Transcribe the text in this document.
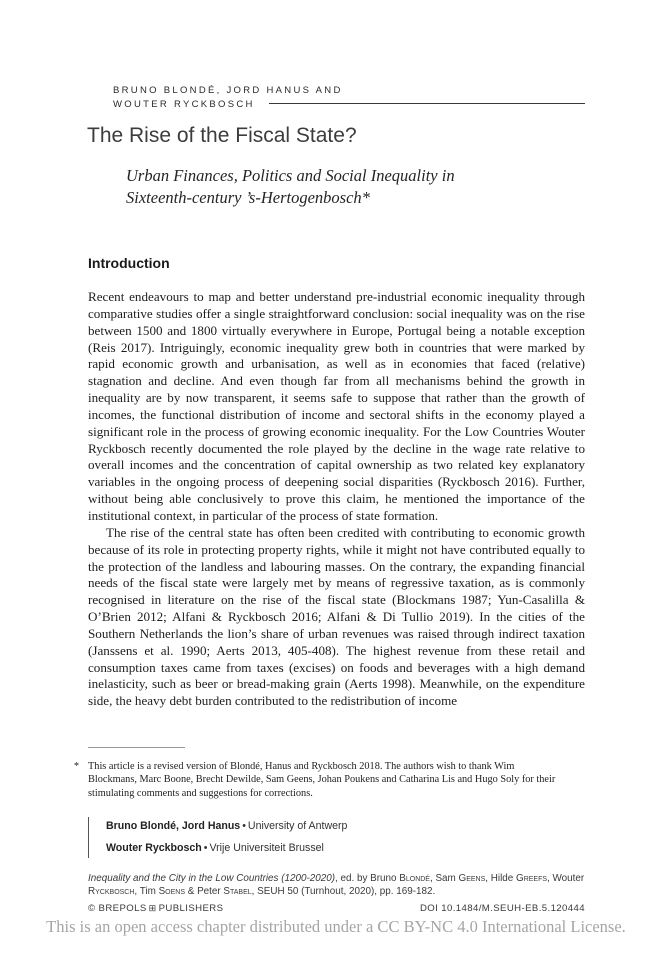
BRUNO BLONDÉ, JORD HANUS AND
WOUTER RYCKBOSCH
The Rise of the Fiscal State?
Urban Finances, Politics and Social Inequality in
Sixteenth-century ’s-Hertogenbosch*
Introduction

Recent endeavours to map and better understand pre-industrial economic inequality through comparative studies offer a single straightforward conclusion: social inequality was on the rise between 1500 and 1800 virtually everywhere in Europe, Portugal being a notable exception (Reis 2017). Intriguingly, economic inequality grew both in countries that were marked by rapid economic growth and urbanisation, as well as in economies that faced (relative) stagnation and decline. And even though far from all mechanisms behind the growth in inequality are by now transparent, it seems safe to suppose that rather than the growth of incomes, the functional distribution of income and sectoral shifts in the economy played a significant role in the process of growing economic inequality. For the Low Countries Wouter Ryckbosch recently documented the role played by the decline in the wage rate relative to overall incomes and the concentration of capital ownership as two related key explanatory variables in the ongoing process of deepening social disparities (Ryckbosch 2016). Further, without being able conclusively to prove this claim, he mentioned the importance of the institutional context, in particular of the process of state formation.

The rise of the central state has often been credited with contributing to economic growth because of its role in protecting property rights, while it might not have contributed equally to the protection of the landless and labouring masses. On the contrary, the expanding financial needs of the fiscal state were largely met by means of regressive taxation, as is commonly recognised in literature on the rise of the fiscal state (Blockmans 1987; Yun-Casalilla & O’Brien 2012; Alfani & Ryckbosch 2016; Alfani & Di Tullio 2019). In the cities of the Southern Netherlands the lion’s share of urban revenues was raised through indirect taxation (Janssens et al. 1990; Aerts 2013, 405-408). The highest revenue from these retail and consumption taxes came from taxes (excises) on foods and beverages with a high demand inelasticity, such as beer or bread-making grain (Aerts 1998). Meanwhile, on the expenditure side, the heavy debt burden contributed to the redistribution of income

* This article is a revised version of Blondé, Hanus and Ryckbosch 2018. The authors wish to thank Wim Blockmans, Marc Boone, Brecht Dewilde, Sam Geens, Johan Poukens and Catharina Lis and Hugo Soly for their stimulating comments and suggestions for corrections.
Bruno Blondé, Jord Hanus • University of Antwerp
Wouter Ryckbosch • Vrije Universiteit Brussel
Inequality and the City in the Low Countries (1200-2020), ed. by Bruno Blondé, Sam Geens, Hilde Greefs, Wouter Ryckbosch, Tim Soens & Peter Stabel, SEUH 50 (Turnhout, 2020), pp. 169-182.
© BREPOLS ⊞ PUBLISHERS	DOI 10.1484/M.SEUH-EB.5.120444
This is an open access chapter distributed under a CC BY-NC 4.0 International License.
